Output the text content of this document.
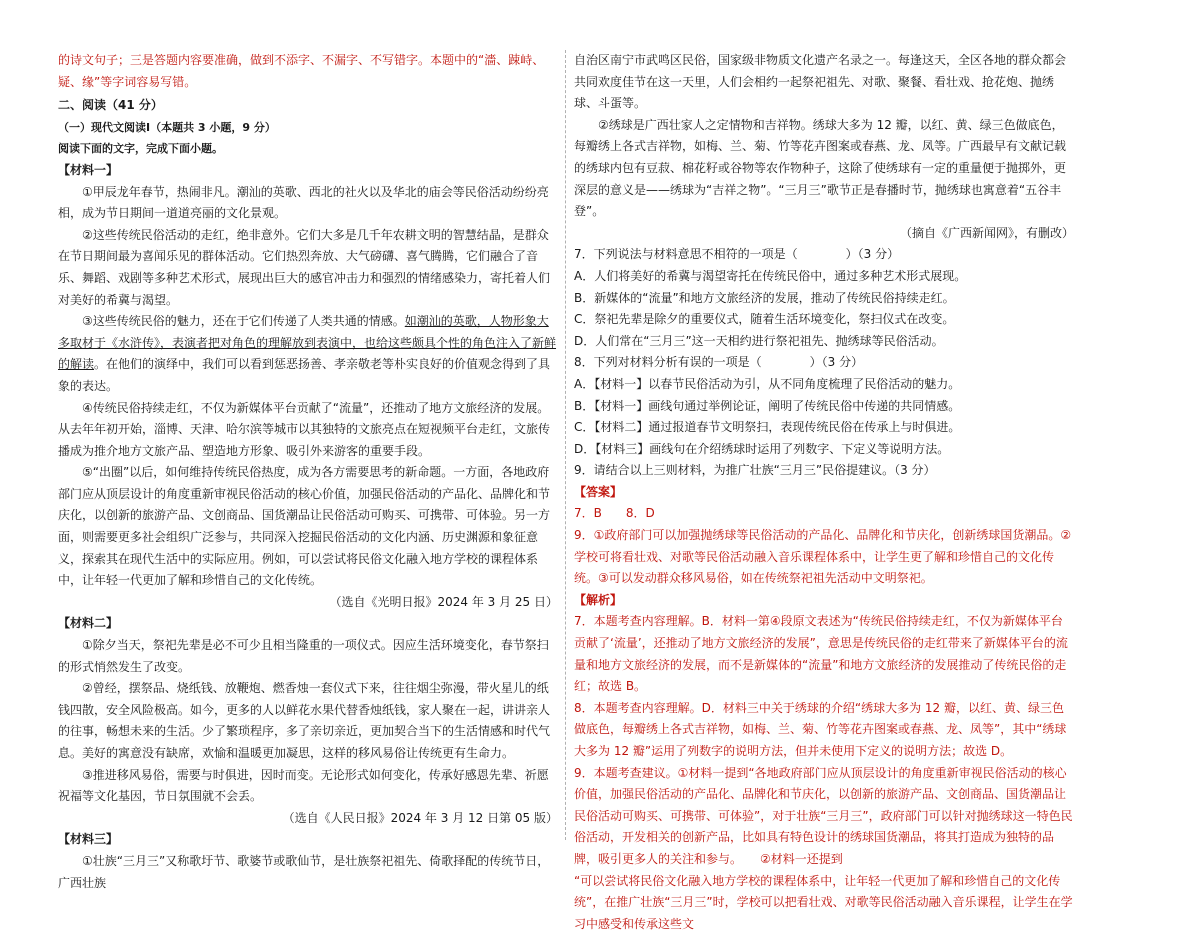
的诗文句子；三是答题内容要准确，做到不添字、不漏字、不写错字。本题中的“濇、踈峙、疑、缘”等字词容易写错。

二、阅读（41 分）

（一）现代文阅读Ⅰ（本题共 3 小题，9 分）

阅读下面的文字，完成下面小题。

【材料一】

①甲辰龙年春节，热闹非凡。潮汕的英歌、西北的社火以及华北的庙会等民俗活动纷纷亮相，成为节日期间一道道亮丽的文化景观。

②这些传统民俗活动的走红，绝非意外。它们大多是几千年农耕文明的智慧结晶，是群众在节日期间最为喜闻乐见的群体活动。它们热烈奔放、大气磅礴、喜气腾腾，它们融合了音乐、舞蹈、戏剧等多种艺术形式，展现出巨大的感官冲击力和强烈的情绪感染力，寄托着人们对美好的希冀与渴望。

③这些传统民俗的魅力，还在于它们传递了人类共通的情感。如潮汕的英歌，人物形象大多取材于《水浒传》，表演者把对角色的理解放到表演中，也给这些颇具个性的角色注入了新鲜的解读。在他们的演绎中，我们可以看到惩恶扬善、孝亲敬老等朴实良好的价值观念得到了具象的表达。

④传统民俗持续走红，不仅为新媒体平台贡献了“流量”，还推动了地方文旅经济的发展。从去年年初开始，淄博、天津、哈尔滨等城市以其独特的文旅亮点在短视频平台走红，文旅传播成为推介地方文旅产品、塑造地方形象、吸引外来游客的重要手段。

⑤“出圈”以后，如何维持传统民俗热度，成为各方需要思考的新命题。一方面，各地政府部门应从顶层设计的角度重新审视民俗活动的核心价值，加强民俗活动的产品化、品牌化和节庆化，以创新的旅游产品、文创商品、国货潮品让民俗活动可购买、可携带、可体验。另一方面，则需要更多社会组织广泛参与，共同深入挖掘民俗活动的文化内涵、历史渊源和象征意义，探索其在现代生活中的实际应用。例如，可以尝试将民俗文化融入地方学校的课程体系中，让年轻一代更加了解和珍惜自己的文化传统。

（选自《光明日报》2024 年 3 月 25 日）

【材料二】

①除夕当天，祭祀先辈是必不可少且相当隆重的一项仪式。因应生活环境变化，春节祭扫的形式悄然发生了改变。

②曾经，摆祭品、烧纸钱、放鞭炮、燃香烛一套仪式下来，往往烟尘弥漫，带火星儿的纸钱四散，安全风险极高。如今，更多的人以鲜花水果代替香烛纸钱，家人聚在一起，讲讲亲人的往事，畅想未来的生活。少了繁琐程序，多了亲切亲近，更加契合当下的生活情感和时代气息。美好的寓意没有缺席，欢愉和温暖更加凝思，这样的移风易俗让传统更有生命力。

③推进移风易俗，需要与时俱进，因时而变。无论形式如何变化，传承好感恩先辈、祈愿祝福等文化基因，节日氛围就不会丢。

（选自《人民日报》2024 年 3 月 12 日第 05 版）

【材料三】

①壮族“三月三”又称歌圩节、歌婆节或歌仙节，是壮族祭祀祖先、倚歌择配的传统节日，广西壮族

自治区南宁市武鸣区民俗，国家级非物质文化遗产名录之一。每逢这天，全区各地的群众都会共同欢度佳节在这一天里，人们会相约一起祭祀祖先、对歌、聚餐、看壮戏、抢花炮、抛绣球、斗蛋等。

②绣球是广西壮家人之定情物和吉祥物。绣球大多为 12 瓣，以红、黄、绿三色做底色，每瓣绣上各式吉祥物，如梅、兰、菊、竹等花卉图案或春燕、龙、凤等。广西最早有文献记载的绣球内包有豆菽、棉花籽或谷物等农作物种子，这除了使绣球有一定的重量便于抛掷外，更深层的意义是——绣球为“吉祥之物”。“三月三”歌节正是春播时节，抛绣球也寓意着“五谷丰登”。

（摘自《广西新闻网》，有删改）

7．下列说法与材料意思不相符的一项是（　　　　）（3 分）

A．人们将美好的希冀与渴望寄托在传统民俗中，通过多种艺术形式展现。

B．新媒体的“流量”和地方文旅经济的发展，推动了传统民俗持续走红。

C．祭祀先辈是除夕的重要仪式，随着生活环境变化，祭扫仪式在改变。

D．人们常在“三月三”这一天相约进行祭祀祖先、抛绣球等民俗活动。

8．下列对材料分析有误的一项是（　　　　）（3 分）

A．【材料一】以春节民俗活动为引，从不同角度梳理了民俗活动的魅力。

B．【材料一】画线句通过举例论证，阐明了传统民俗中传递的共同情感。

C．【材料二】通过报道春节文明祭扫，表现传统民俗在传承上与时俱进。

D．【材料三】画线句在介绍绣球时运用了列数字、下定义等说明方法。

9．请结合以上三则材料，为推广壮族“三月三”民俗提建议。（3 分）

【答案】

7．B　　8．D

9．①政府部门可以加强抛绣球等民俗活动的产品化、品牌化和节庆化，创新绣球国货潮品。②学校可将看壮戏、对歌等民俗活动融入音乐课程体系中，让学生更了解和珍惜自己的文化传统。③可以发动群众移风易俗，如在传统祭祀祖先活动中文明祭祀。

【解析】

7．本题考查内容理解。B．材料一第④段原文表述为“传统民俗持续走红，不仅为新媒体平台贡献了‘流量’，还推动了地方文旅经济的发展”，意思是传统民俗的走红带来了新媒体平台的流量和地方文旅经济的发展，而不是新媒体的“流量”和地方文旅经济的发展推动了传统民俗的走红；故选 B。

8．本题考查内容理解。D．材料三中关于绣球的介绍“绣球大多为 12 瓣，以红、黄、绿三色做底色，每瓣绣上各式吉祥物，如梅、兰、菊、竹等花卉图案或春燕、龙、凤等”，其中“绣球大多为 12 瓣”运用了列数字的说明方法，但并未使用下定义的说明方法；故选 D。

9．本题考查建议。①材料一提到“各地政府部门应从顶层设计的角度重新审视民俗活动的核心价值，加强民俗活动的产品化、品牌化和节庆化，以创新的旅游产品、文创商品、国货潮品让民俗活动可购买、可携带、可体验”，对于壮族“三月三”，政府部门可以针对抛绣球这一特色民俗活动，开发相关的创新产品，比如具有特色设计的绣球国货潮品，将其打造成为独特的品牌，吸引更多人的关注和参与。　　②材料一还提到
“可以尝试将民俗文化融入地方学校的课程体系中，让年轻一代更加了解和珍惜自己的文化传统”，在推广壮族“三月三”时，学校可以把看壮戏、对歌等民俗活动融入音乐课程，让学生在学习中感受和传承这些文
